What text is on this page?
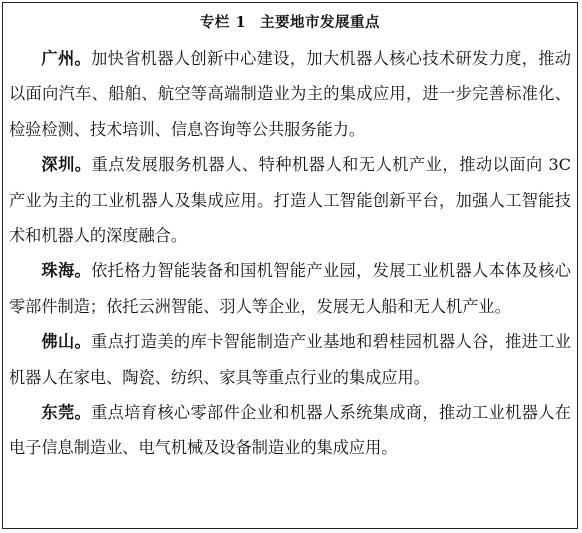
专栏 1 主要地市发展重点

广州。加快省机器人创新中心建设，加大机器人核心技术研发力度，推动以面向汽车、船舶、航空等高端制造业为主的集成应用，进一步完善标准化、检验检测、技术培训、信息咨询等公共服务能力。

深圳。重点发展服务机器人、特种机器人和无人机产业，推动以面向 3C 产业为主的工业机器人及集成应用。打造人工智能创新平台，加强人工智能技术和机器人的深度融合。

珠海。依托格力智能装备和国机智能产业园，发展工业机器人本体及核心零部件制造；依托云洲智能、羽人等企业，发展无人船和无人机产业。

佛山。重点打造美的库卡智能制造产业基地和碧桂园机器人谷，推进工业机器人在家电、陶瓷、纺织、家具等重点行业的集成应用。

东莞。重点培育核心零部件企业和机器人系统集成商，推动工业机器人在电子信息制造业、电气机械及设备制造业的集成应用。
